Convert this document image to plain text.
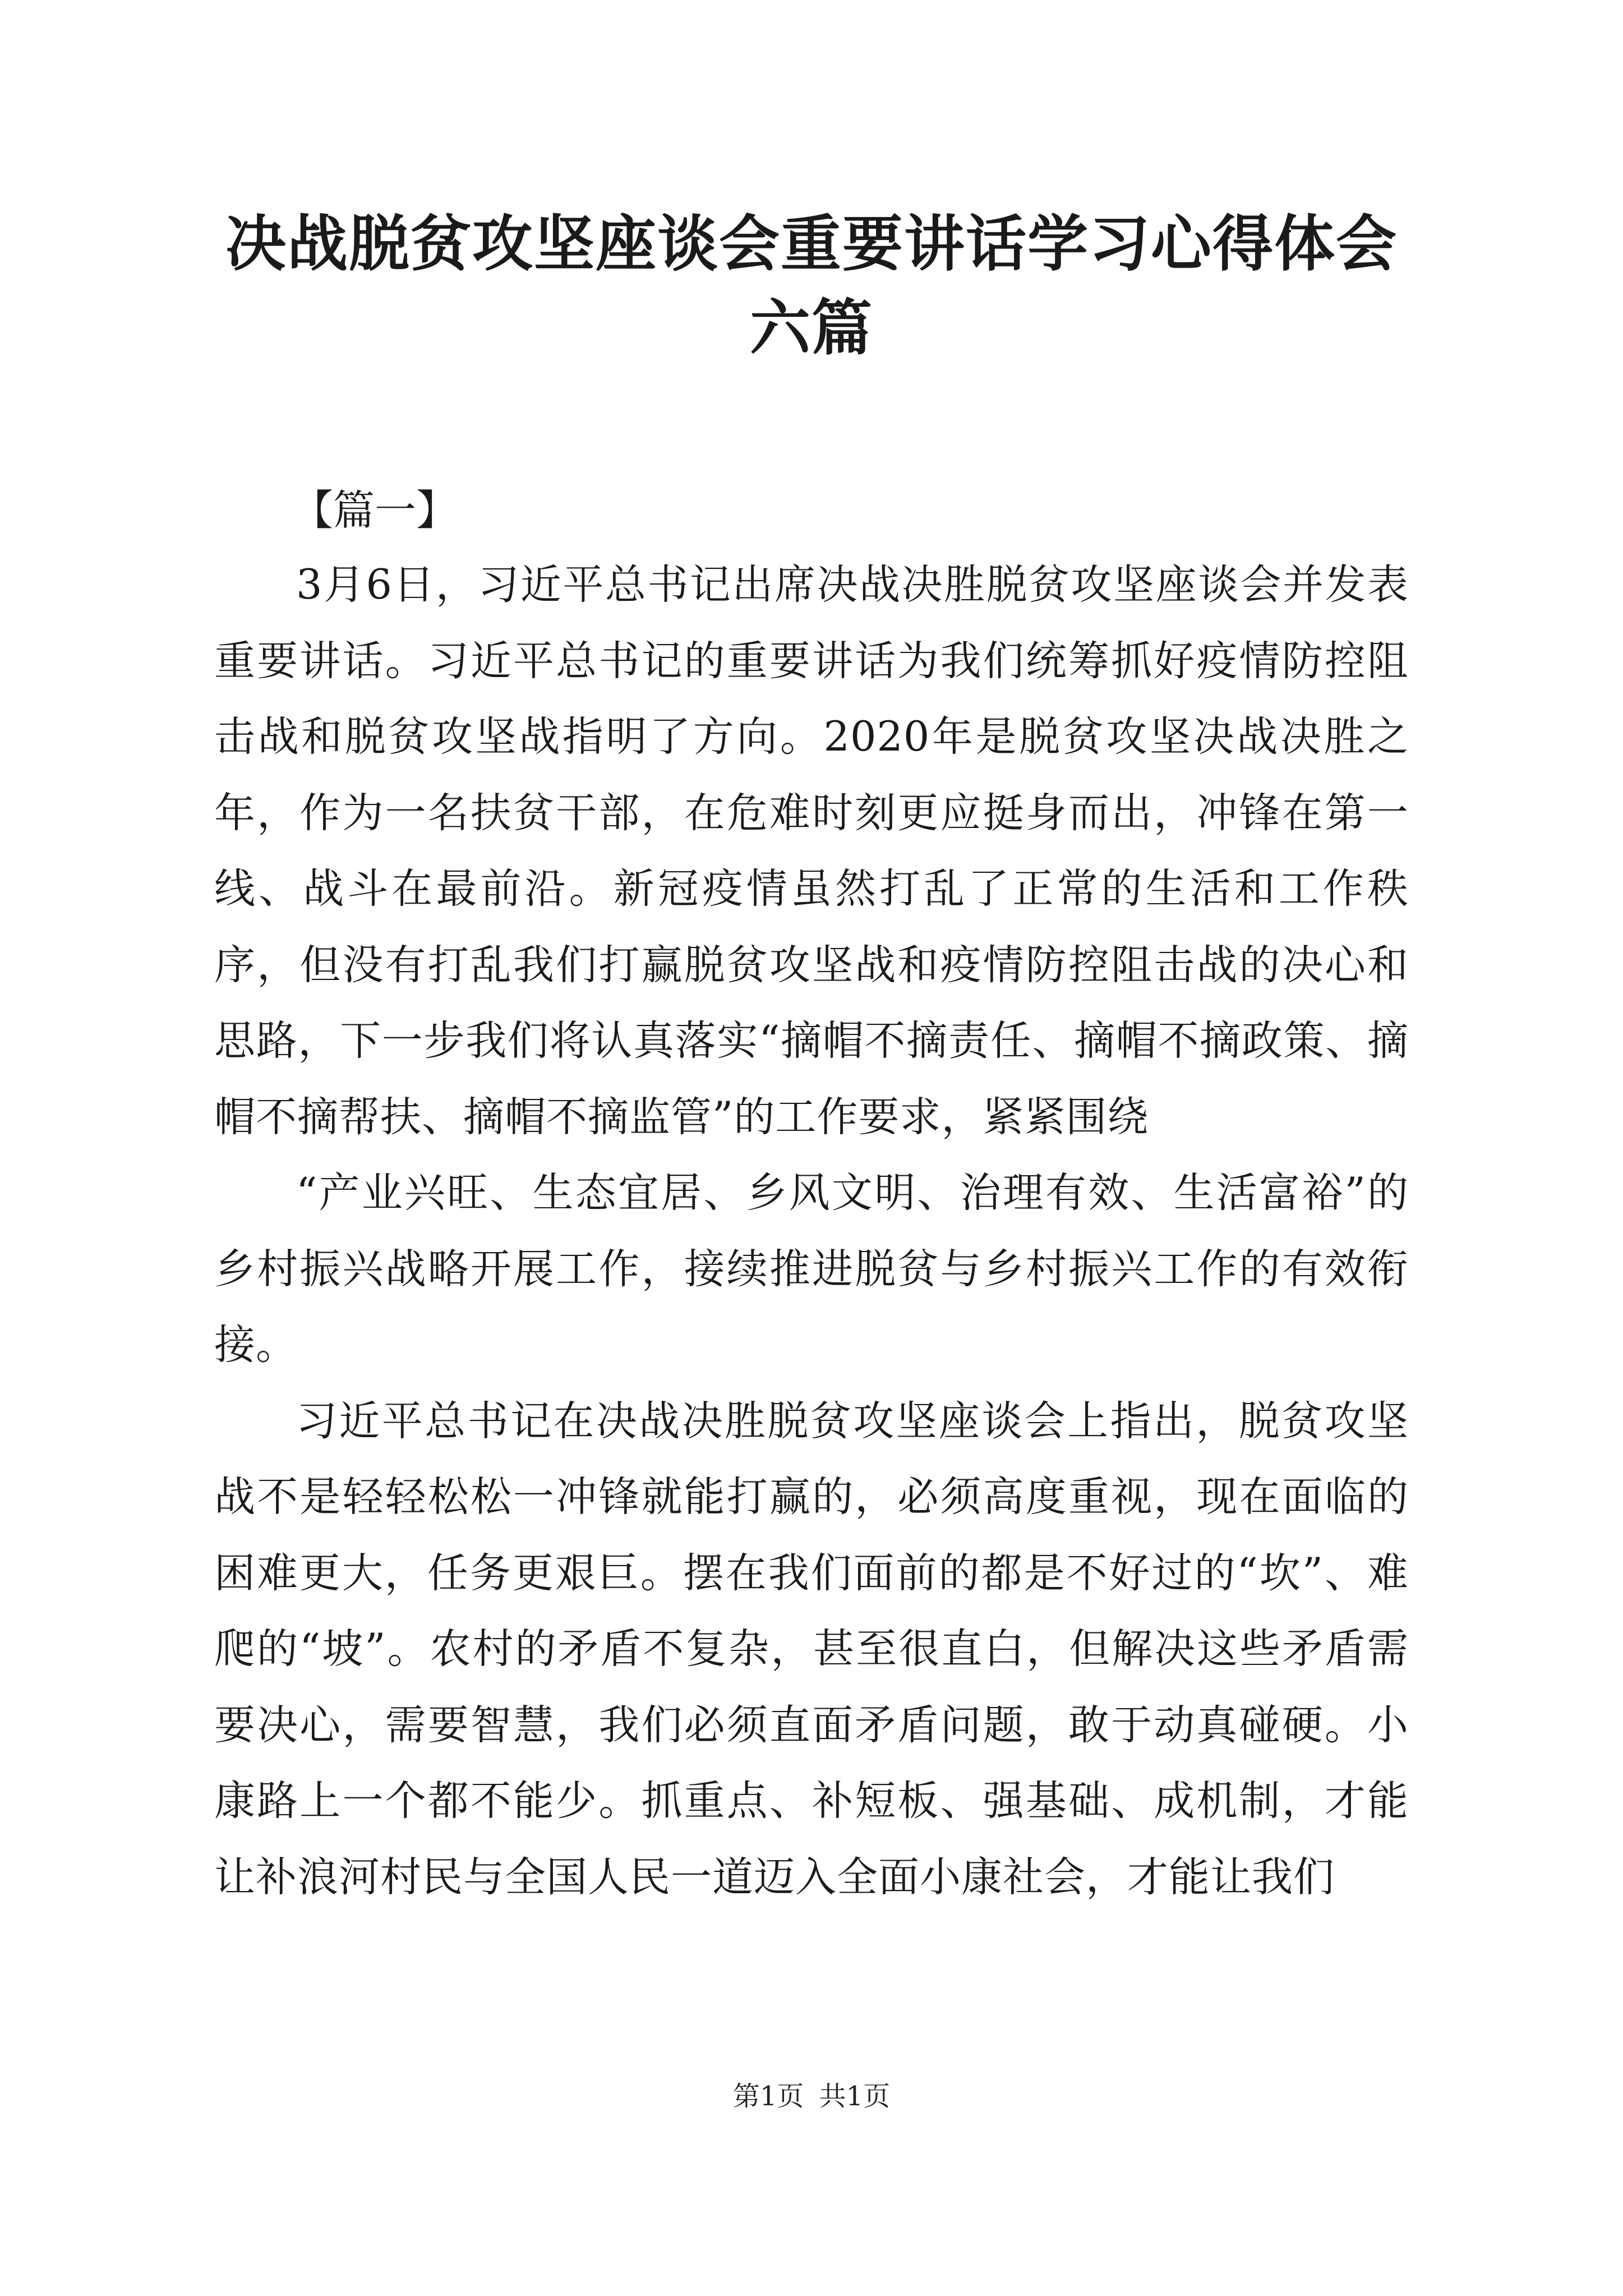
决战脱贫攻坚座谈会重要讲话学习心得体会六篇

【篇一】

3月6日，习近平总书记出席决战决胜脱贫攻坚座谈会并发表重要讲话。习近平总书记的重要讲话为我们统筹抓好疫情防控阻击战和脱贫攻坚战指明了方向。2020年是脱贫攻坚决战决胜之年，作为一名扶贫干部，在危难时刻更应挺身而出，冲锋在第一线、战斗在最前沿。新冠疫情虽然打乱了正常的生活和工作秩序，但没有打乱我们打赢脱贫攻坚战和疫情防控阻击战的决心和思路，下一步我们将认真落实“摘帽不摘责任、摘帽不摘政策、摘帽不摘帮扶、摘帽不摘监管”的工作要求，紧紧围绕

“产业兴旺、生态宜居、乡风文明、治理有效、生活富裕”的乡村振兴战略开展工作，接续推进脱贫与乡村振兴工作的有效衔接。

习近平总书记在决战决胜脱贫攻坚座谈会上指出，脱贫攻坚战不是轻轻松松一冲锋就能打赢的，必须高度重视，现在面临的困难更大，任务更艰巨。摆在我们面前的都是不好过的“坎”、难爬的“坡”。农村的矛盾不复杂，甚至很直白，但解决这些矛盾需要决心，需要智慧，我们必须直面矛盾问题，敢于动真碰硬。小康路上一个都不能少。抓重点、补短板、强基础、成机制，才能让补浪河村民与全国人民一道迈入全面小康社会，才能让我们

第1页 共1页
